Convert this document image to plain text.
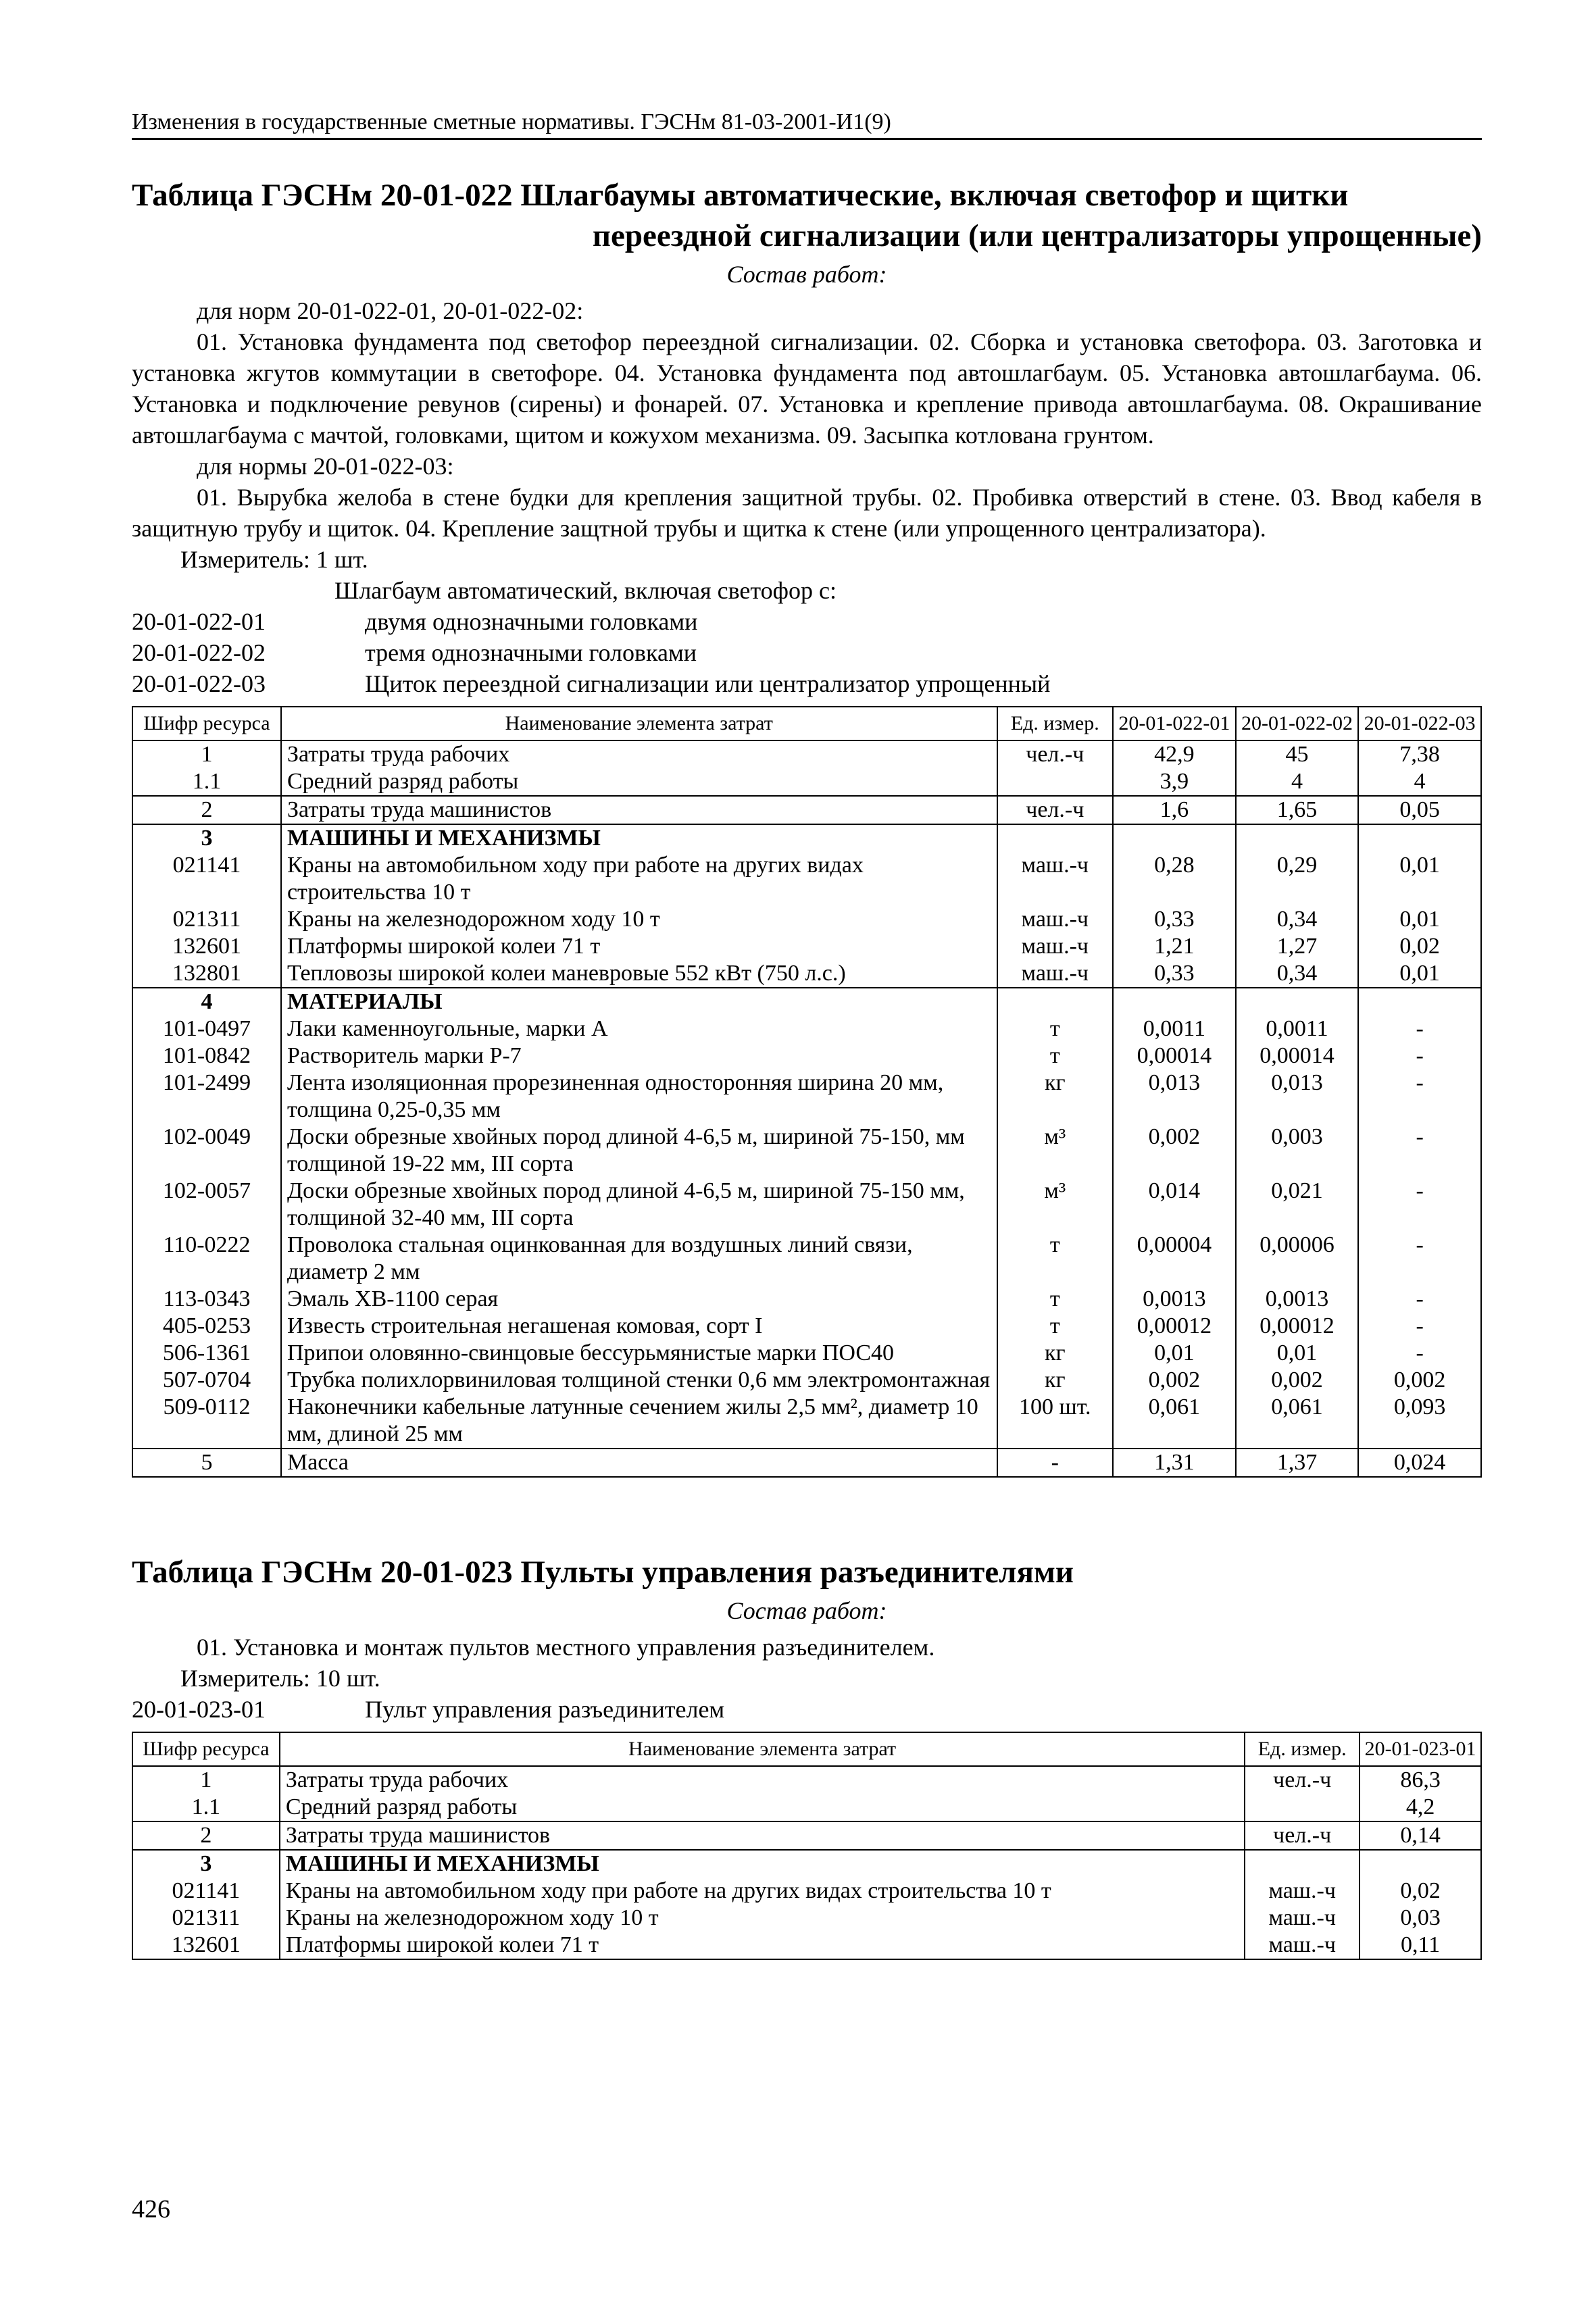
Изменения в государственные сметные нормативы. ГЭСНм 81-03-2001-И1(9)
Таблица ГЭСНм 20-01-022 Шлагбаумы автоматические, включая светофор и щитки
переездной сигнализации (или централизаторы упрощенные)
Состав работ:
для норм 20-01-022-01, 20-01-022-02:

01. Установка фундамента под светофор переездной сигнализации. 02. Сборка и установка светофора. 03. Заготовка и установка жгутов коммутации в светофоре. 04. Установка фундамента под автошлагбаум. 05. Установка автошлагбаума. 06. Установка и подключение ревунов (сирены) и фонарей. 07. Установка и крепление привода автошлагбаума. 08. Окрашивание автошлагбаума с мачтой, головками, щитом и кожухом механизма. 09. Засыпка котлована грунтом.

для нормы 20-01-022-03:

01. Вырубка желоба в стене будки для крепления защитной трубы. 02. Пробивка отверстий в стене. 03. Ввод кабеля в защитную трубу и щиток. 04. Крепление защтной трубы и щитка к стене (или упрощенного централизатора).

Измеритель: 1 шт.
Шлагбаум автоматический, включая светофор с:
20-01-022-01	двумя однозначными головками
20-01-022-02	тремя однозначными головками
20-01-022-03	Щиток переездной сигнализации или централизатор упрощенный
Шифр ресурса	Наименование элемента затрат	Ед. измер.	20-01-022-01	20-01-022-02	20-01-022-03
1	Затраты труда рабочих	чел.-ч	42,9	45	7,38
1.1	Средний разряд работы		3,9	4	4
2	Затраты труда машинистов	чел.-ч	1,6	1,65	0,05
3	МАШИНЫ И МЕХАНИЗМЫ				
021141	Краны на автомобильном ходу при работе на других видах строительства 10 т	маш.-ч	0,28	0,29	0,01
021311	Краны на железнодорожном ходу 10 т	маш.-ч	0,33	0,34	0,01
132601	Платформы широкой колеи 71 т	маш.-ч	1,21	1,27	0,02
132801	Тепловозы широкой колеи маневровые 552 кВт (750 л.с.)	маш.-ч	0,33	0,34	0,01
4	МАТЕРИАЛЫ				
101-0497	Лаки каменноугольные, марки А	т	0,0011	0,0011	-
101-0842	Растворитель марки Р-7	т	0,00014	0,00014	-
101-2499	Лента изоляционная прорезиненная односторонняя ширина 20 мм, толщина 0,25-0,35 мм	кг	0,013	0,013	-
102-0049	Доски обрезные хвойных пород длиной 4-6,5 м, шириной 75-150, мм толщиной 19-22 мм, III сорта	м³	0,002	0,003	-
102-0057	Доски обрезные хвойных пород длиной 4-6,5 м, шириной 75-150 мм, толщиной 32-40 мм, III сорта	м³	0,014	0,021	-
110-0222	Проволока стальная оцинкованная для воздушных линий связи, диаметр 2 мм	т	0,00004	0,00006	-
113-0343	Эмаль ХВ-1100 серая	т	0,0013	0,0013	-
405-0253	Известь строительная негашеная комовая, сорт I	т	0,00012	0,00012	-
506-1361	Припои оловянно-свинцовые бессурьмянистые марки ПОС40	кг	0,01	0,01	-
507-0704	Трубка полихлорвиниловая толщиной стенки 0,6 мм электромонтажная	кг	0,002	0,002	0,002
509-0112	Наконечники кабельные латунные сечением жилы 2,5 мм², диаметр 10 мм, длиной 25 мм	100 шт.	0,061	0,061	0,093
5	Масса	-	1,31	1,37	0,024
Таблица ГЭСНм 20-01-023 Пульты управления разъединителями
Состав работ:
01. Установка и монтаж пультов местного управления разъединителем.
Измеритель: 10 шт.
20-01-023-01	Пульт управления разъединителем
Шифр ресурса	Наименование элемента затрат	Ед. измер.	20-01-023-01
1	Затраты труда рабочих	чел.-ч	86,3
1.1	Средний разряд работы		4,2
2	Затраты труда машинистов	чел.-ч	0,14
3	МАШИНЫ И МЕХАНИЗМЫ		
021141	Краны на автомобильном ходу при работе на других видах строительства 10 т	маш.-ч	0,02
021311	Краны на железнодорожном ходу 10 т	маш.-ч	0,03
132601	Платформы широкой колеи 71 т	маш.-ч	0,11
426
